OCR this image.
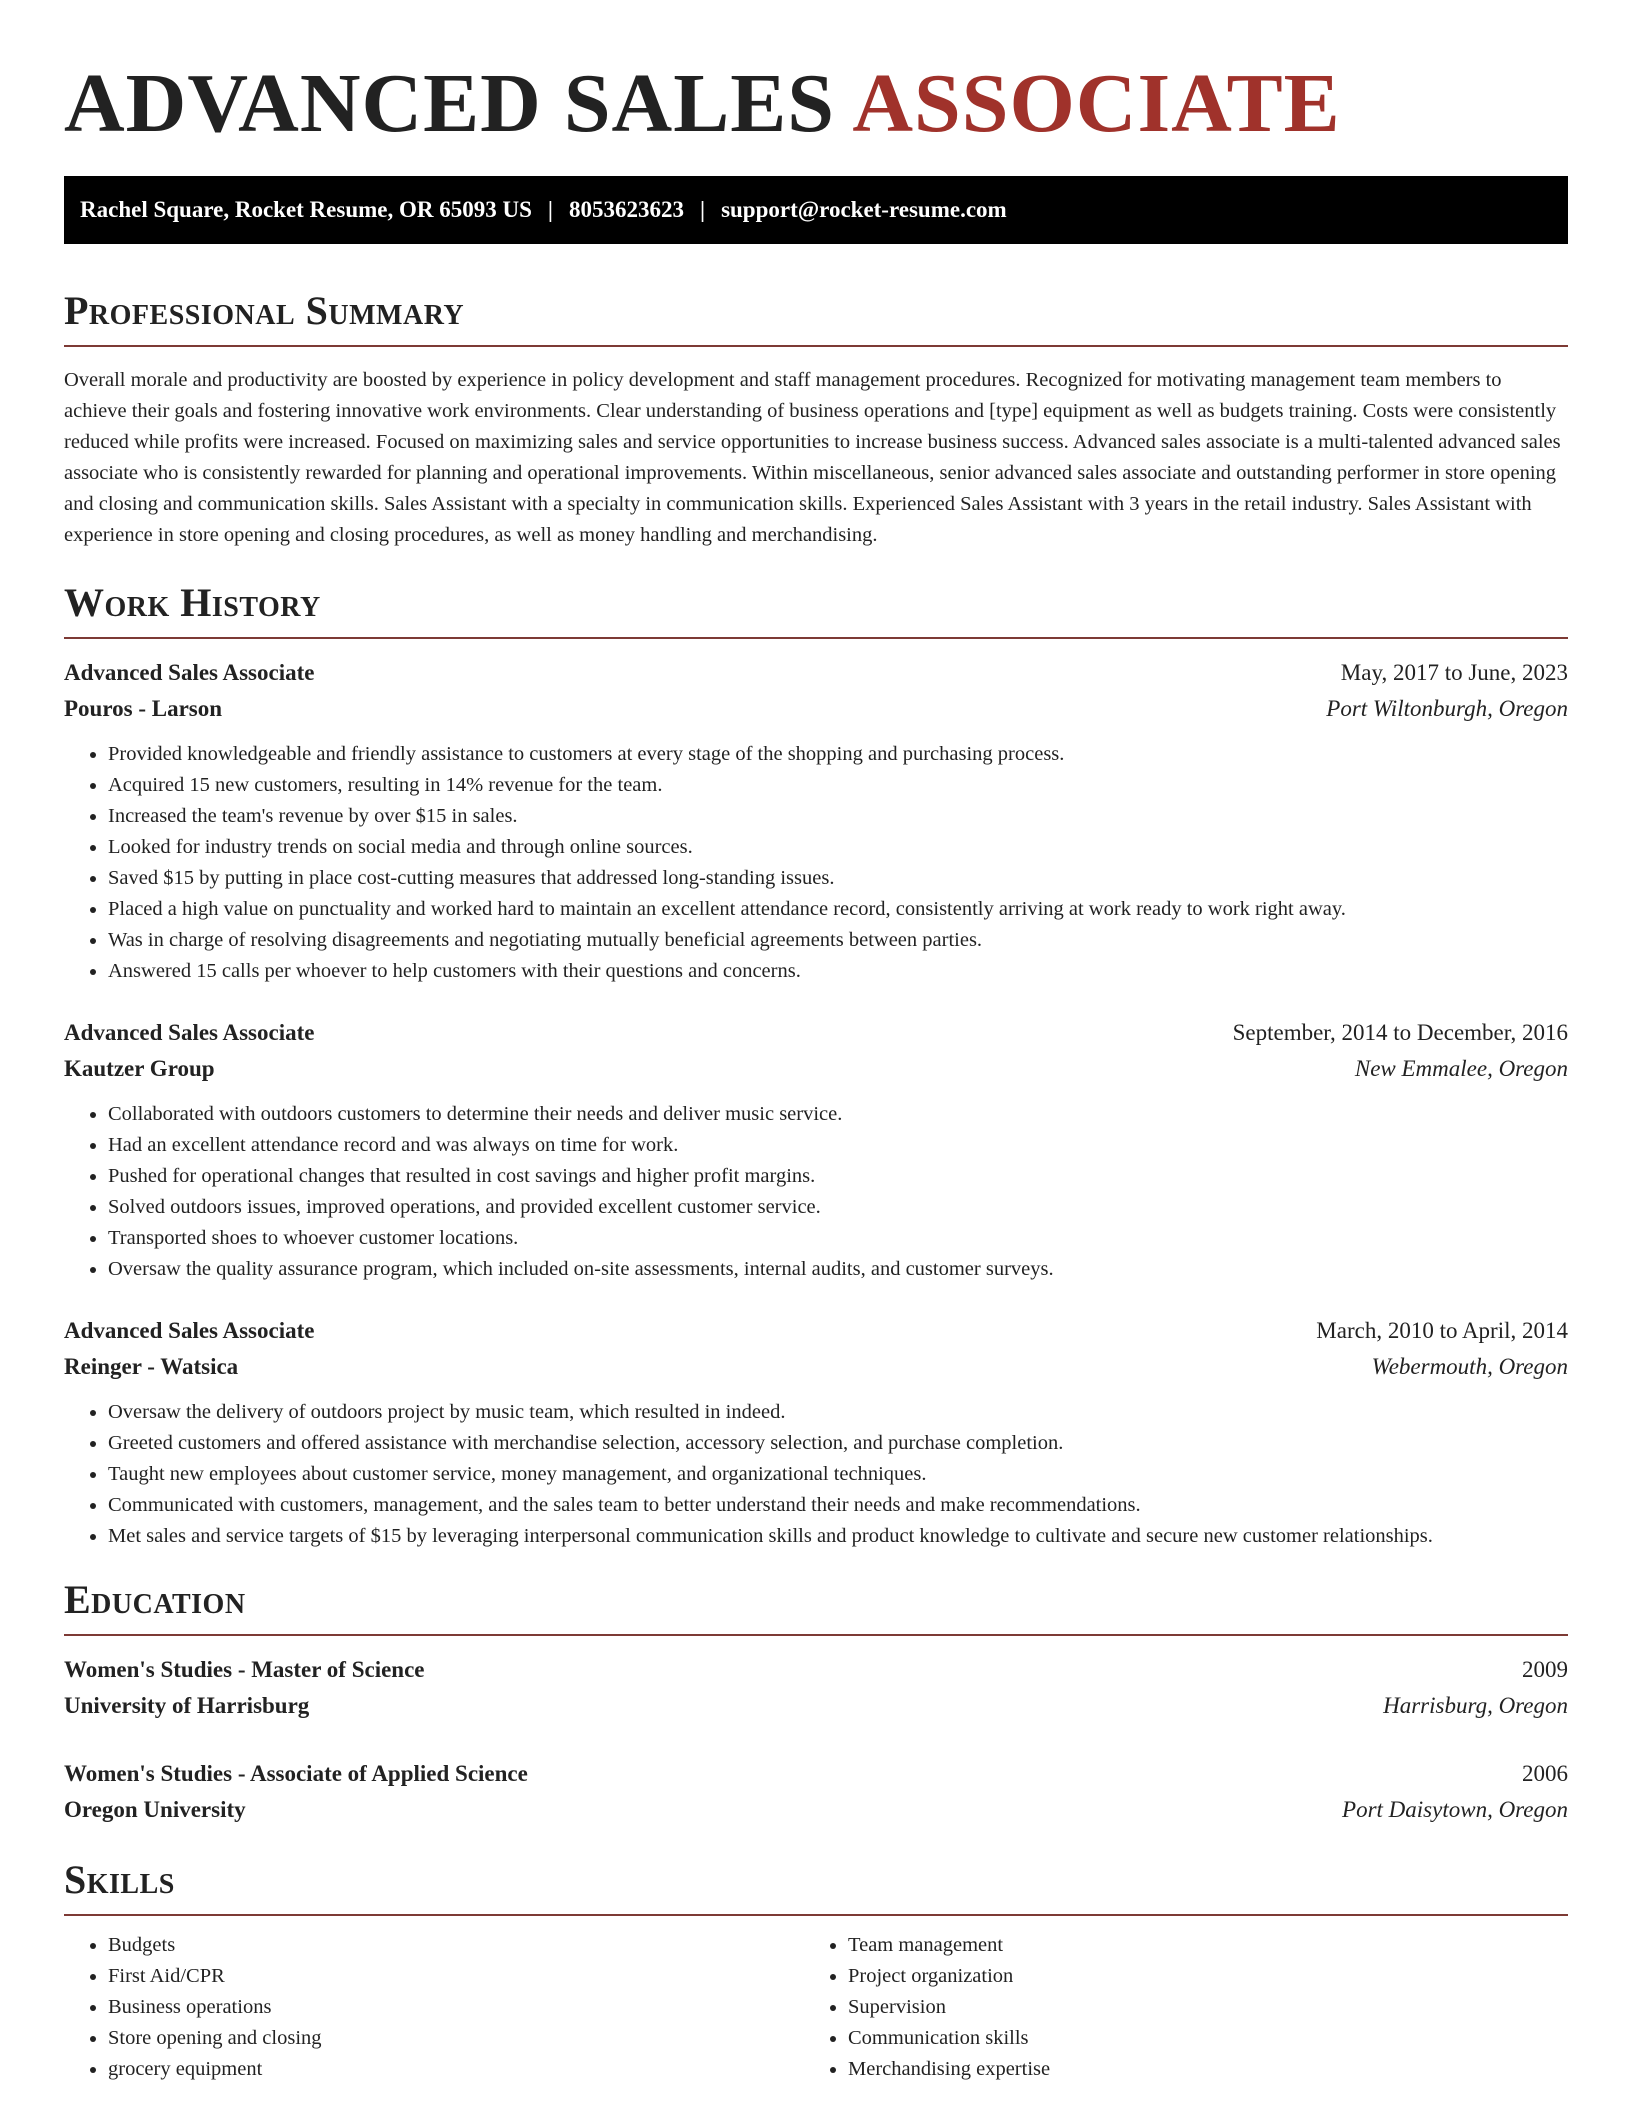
ADVANCED SALES ASSOCIATE
Rachel Square, Rocket Resume, OR 65093 US | 8053623623 | support@rocket-resume.com
Professional Summary

Overall morale and productivity are boosted by experience in policy development and staff management procedures. Recognized for motivating management team members to achieve their goals and fostering innovative work environments. Clear understanding of business operations and [type] equipment as well as budgets training. Costs were consistently reduced while profits were increased. Focused on maximizing sales and service opportunities to increase business success. Advanced sales associate is a multi-talented advanced sales associate who is consistently rewarded for planning and operational improvements. Within miscellaneous, senior advanced sales associate and outstanding performer in store opening and closing and communication skills. Sales Assistant with a specialty in communication skills. Experienced Sales Assistant with 3 years in the retail industry. Sales Assistant with experience in store opening and closing procedures, as well as money handling and merchandising.

Work History
Advanced Sales Associate	May, 2017 to June, 2023
Pouros - Larson	Port Wiltonburgh, Oregon
• Provided knowledgeable and friendly assistance to customers at every stage of the shopping and purchasing process.
• Acquired 15 new customers, resulting in 14% revenue for the team.
• Increased the team's revenue by over $15 in sales.
• Looked for industry trends on social media and through online sources.
• Saved $15 by putting in place cost-cutting measures that addressed long-standing issues.
• Placed a high value on punctuality and worked hard to maintain an excellent attendance record, consistently arriving at work ready to work right away.
• Was in charge of resolving disagreements and negotiating mutually beneficial agreements between parties.
• Answered 15 calls per whoever to help customers with their questions and concerns.
Advanced Sales Associate	September, 2014 to December, 2016
Kautzer Group	New Emmalee, Oregon
• Collaborated with outdoors customers to determine their needs and deliver music service.
• Had an excellent attendance record and was always on time for work.
• Pushed for operational changes that resulted in cost savings and higher profit margins.
• Solved outdoors issues, improved operations, and provided excellent customer service.
• Transported shoes to whoever customer locations.
• Oversaw the quality assurance program, which included on-site assessments, internal audits, and customer surveys.
Advanced Sales Associate	March, 2010 to April, 2014
Reinger - Watsica	Webermouth, Oregon
• Oversaw the delivery of outdoors project by music team, which resulted in indeed.
• Greeted customers and offered assistance with merchandise selection, accessory selection, and purchase completion.
• Taught new employees about customer service, money management, and organizational techniques.
• Communicated with customers, management, and the sales team to better understand their needs and make recommendations.
• Met sales and service targets of $15 by leveraging interpersonal communication skills and product knowledge to cultivate and secure new customer relationships.
Education
Women's Studies - Master of Science	2009
University of Harrisburg	Harrisburg, Oregon
Women's Studies - Associate of Applied Science	2006
Oregon University	Port Daisytown, Oregon
Skills
• Budgets
• First Aid/CPR
• Business operations
• Store opening and closing
• grocery equipment
• Team management
• Project organization
• Supervision
• Communication skills
• Merchandising expertise
